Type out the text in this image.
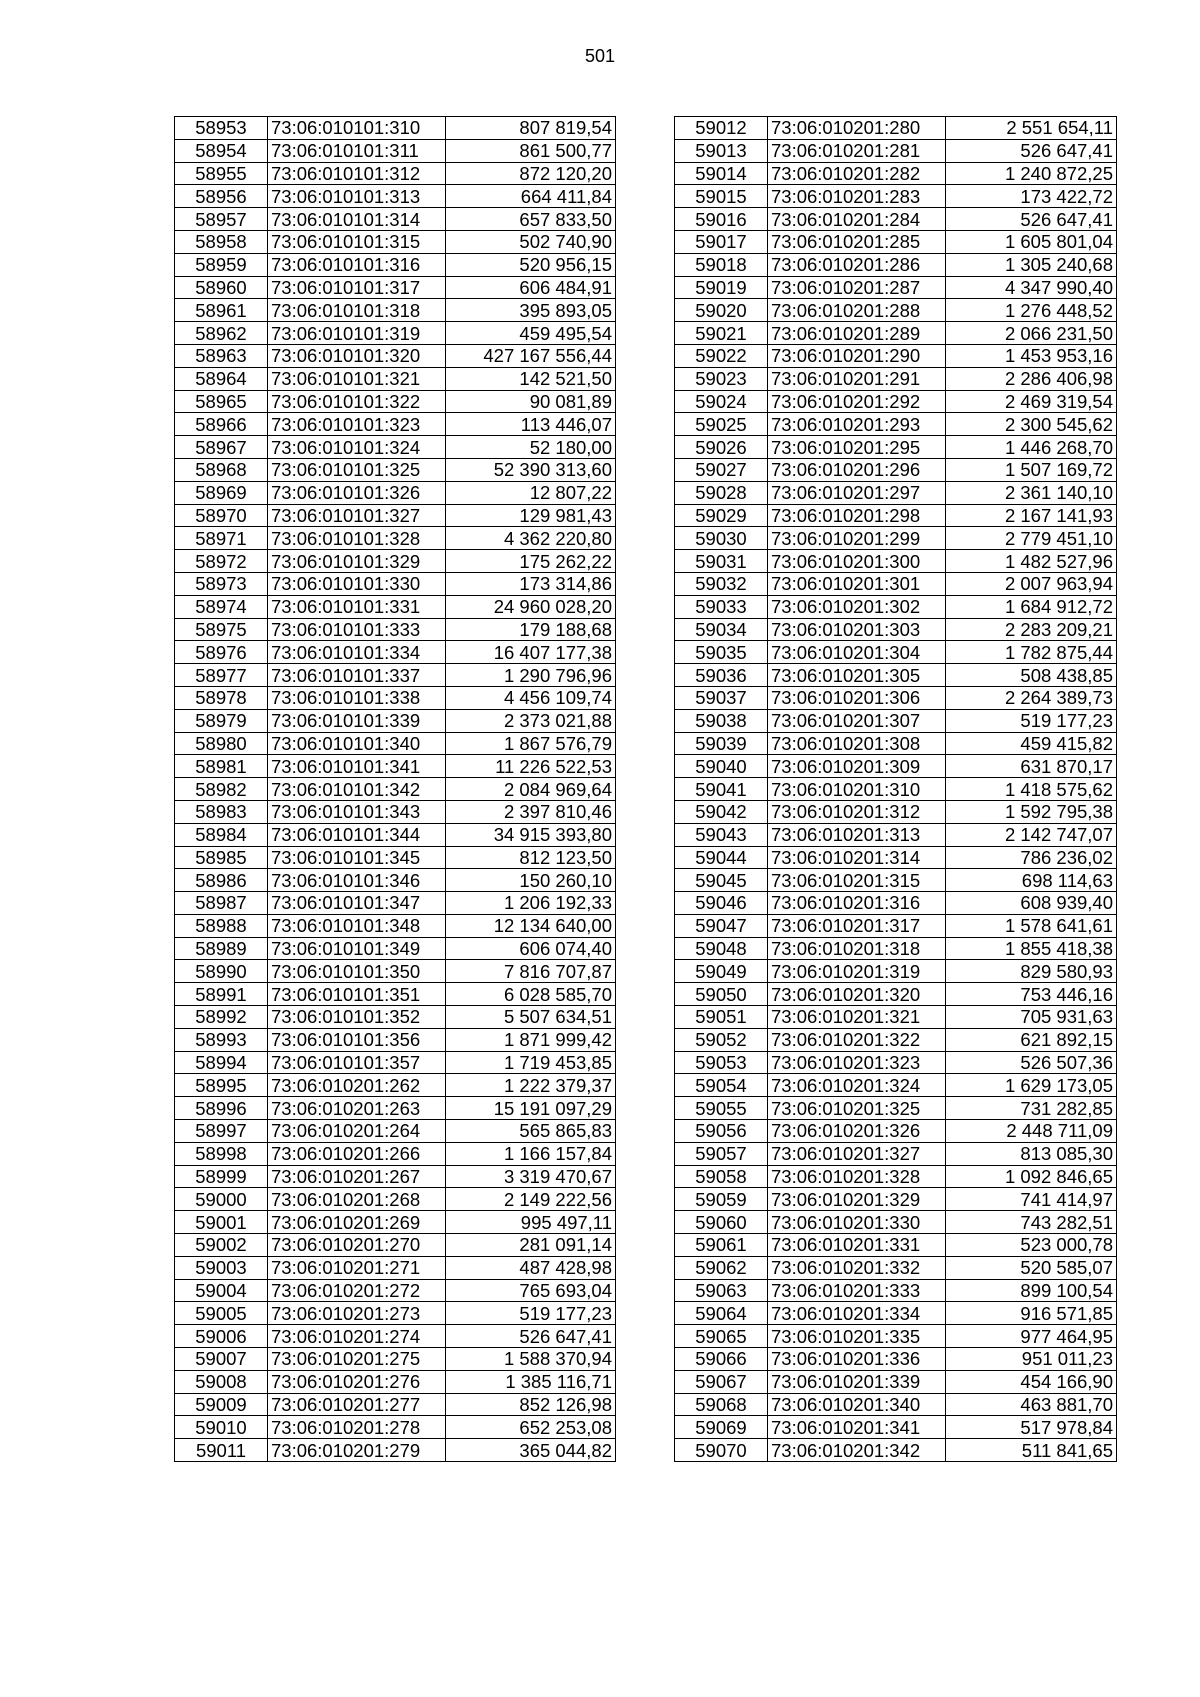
501
58953	73:06:010101:310	807 819,54
58954	73:06:010101:311	861 500,77
58955	73:06:010101:312	872 120,20
58956	73:06:010101:313	664 411,84
58957	73:06:010101:314	657 833,50
58958	73:06:010101:315	502 740,90
58959	73:06:010101:316	520 956,15
58960	73:06:010101:317	606 484,91
58961	73:06:010101:318	395 893,05
58962	73:06:010101:319	459 495,54
58963	73:06:010101:320	427 167 556,44
58964	73:06:010101:321	142 521,50
58965	73:06:010101:322	90 081,89
58966	73:06:010101:323	113 446,07
58967	73:06:010101:324	52 180,00
58968	73:06:010101:325	52 390 313,60
58969	73:06:010101:326	12 807,22
58970	73:06:010101:327	129 981,43
58971	73:06:010101:328	4 362 220,80
58972	73:06:010101:329	175 262,22
58973	73:06:010101:330	173 314,86
58974	73:06:010101:331	24 960 028,20
58975	73:06:010101:333	179 188,68
58976	73:06:010101:334	16 407 177,38
58977	73:06:010101:337	1 290 796,96
58978	73:06:010101:338	4 456 109,74
58979	73:06:010101:339	2 373 021,88
58980	73:06:010101:340	1 867 576,79
58981	73:06:010101:341	11 226 522,53
58982	73:06:010101:342	2 084 969,64
58983	73:06:010101:343	2 397 810,46
58984	73:06:010101:344	34 915 393,80
58985	73:06:010101:345	812 123,50
58986	73:06:010101:346	150 260,10
58987	73:06:010101:347	1 206 192,33
58988	73:06:010101:348	12 134 640,00
58989	73:06:010101:349	606 074,40
58990	73:06:010101:350	7 816 707,87
58991	73:06:010101:351	6 028 585,70
58992	73:06:010101:352	5 507 634,51
58993	73:06:010101:356	1 871 999,42
58994	73:06:010101:357	1 719 453,85
58995	73:06:010201:262	1 222 379,37
58996	73:06:010201:263	15 191 097,29
58997	73:06:010201:264	565 865,83
58998	73:06:010201:266	1 166 157,84
58999	73:06:010201:267	3 319 470,67
59000	73:06:010201:268	2 149 222,56
59001	73:06:010201:269	995 497,11
59002	73:06:010201:270	281 091,14
59003	73:06:010201:271	487 428,98
59004	73:06:010201:272	765 693,04
59005	73:06:010201:273	519 177,23
59006	73:06:010201:274	526 647,41
59007	73:06:010201:275	1 588 370,94
59008	73:06:010201:276	1 385 116,71
59009	73:06:010201:277	852 126,98
59010	73:06:010201:278	652 253,08
59011	73:06:010201:279	365 044,82
59012	73:06:010201:280	2 551 654,11
59013	73:06:010201:281	526 647,41
59014	73:06:010201:282	1 240 872,25
59015	73:06:010201:283	173 422,72
59016	73:06:010201:284	526 647,41
59017	73:06:010201:285	1 605 801,04
59018	73:06:010201:286	1 305 240,68
59019	73:06:010201:287	4 347 990,40
59020	73:06:010201:288	1 276 448,52
59021	73:06:010201:289	2 066 231,50
59022	73:06:010201:290	1 453 953,16
59023	73:06:010201:291	2 286 406,98
59024	73:06:010201:292	2 469 319,54
59025	73:06:010201:293	2 300 545,62
59026	73:06:010201:295	1 446 268,70
59027	73:06:010201:296	1 507 169,72
59028	73:06:010201:297	2 361 140,10
59029	73:06:010201:298	2 167 141,93
59030	73:06:010201:299	2 779 451,10
59031	73:06:010201:300	1 482 527,96
59032	73:06:010201:301	2 007 963,94
59033	73:06:010201:302	1 684 912,72
59034	73:06:010201:303	2 283 209,21
59035	73:06:010201:304	1 782 875,44
59036	73:06:010201:305	508 438,85
59037	73:06:010201:306	2 264 389,73
59038	73:06:010201:307	519 177,23
59039	73:06:010201:308	459 415,82
59040	73:06:010201:309	631 870,17
59041	73:06:010201:310	1 418 575,62
59042	73:06:010201:312	1 592 795,38
59043	73:06:010201:313	2 142 747,07
59044	73:06:010201:314	786 236,02
59045	73:06:010201:315	698 114,63
59046	73:06:010201:316	608 939,40
59047	73:06:010201:317	1 578 641,61
59048	73:06:010201:318	1 855 418,38
59049	73:06:010201:319	829 580,93
59050	73:06:010201:320	753 446,16
59051	73:06:010201:321	705 931,63
59052	73:06:010201:322	621 892,15
59053	73:06:010201:323	526 507,36
59054	73:06:010201:324	1 629 173,05
59055	73:06:010201:325	731 282,85
59056	73:06:010201:326	2 448 711,09
59057	73:06:010201:327	813 085,30
59058	73:06:010201:328	1 092 846,65
59059	73:06:010201:329	741 414,97
59060	73:06:010201:330	743 282,51
59061	73:06:010201:331	523 000,78
59062	73:06:010201:332	520 585,07
59063	73:06:010201:333	899 100,54
59064	73:06:010201:334	916 571,85
59065	73:06:010201:335	977 464,95
59066	73:06:010201:336	951 011,23
59067	73:06:010201:339	454 166,90
59068	73:06:010201:340	463 881,70
59069	73:06:010201:341	517 978,84
59070	73:06:010201:342	511 841,65
